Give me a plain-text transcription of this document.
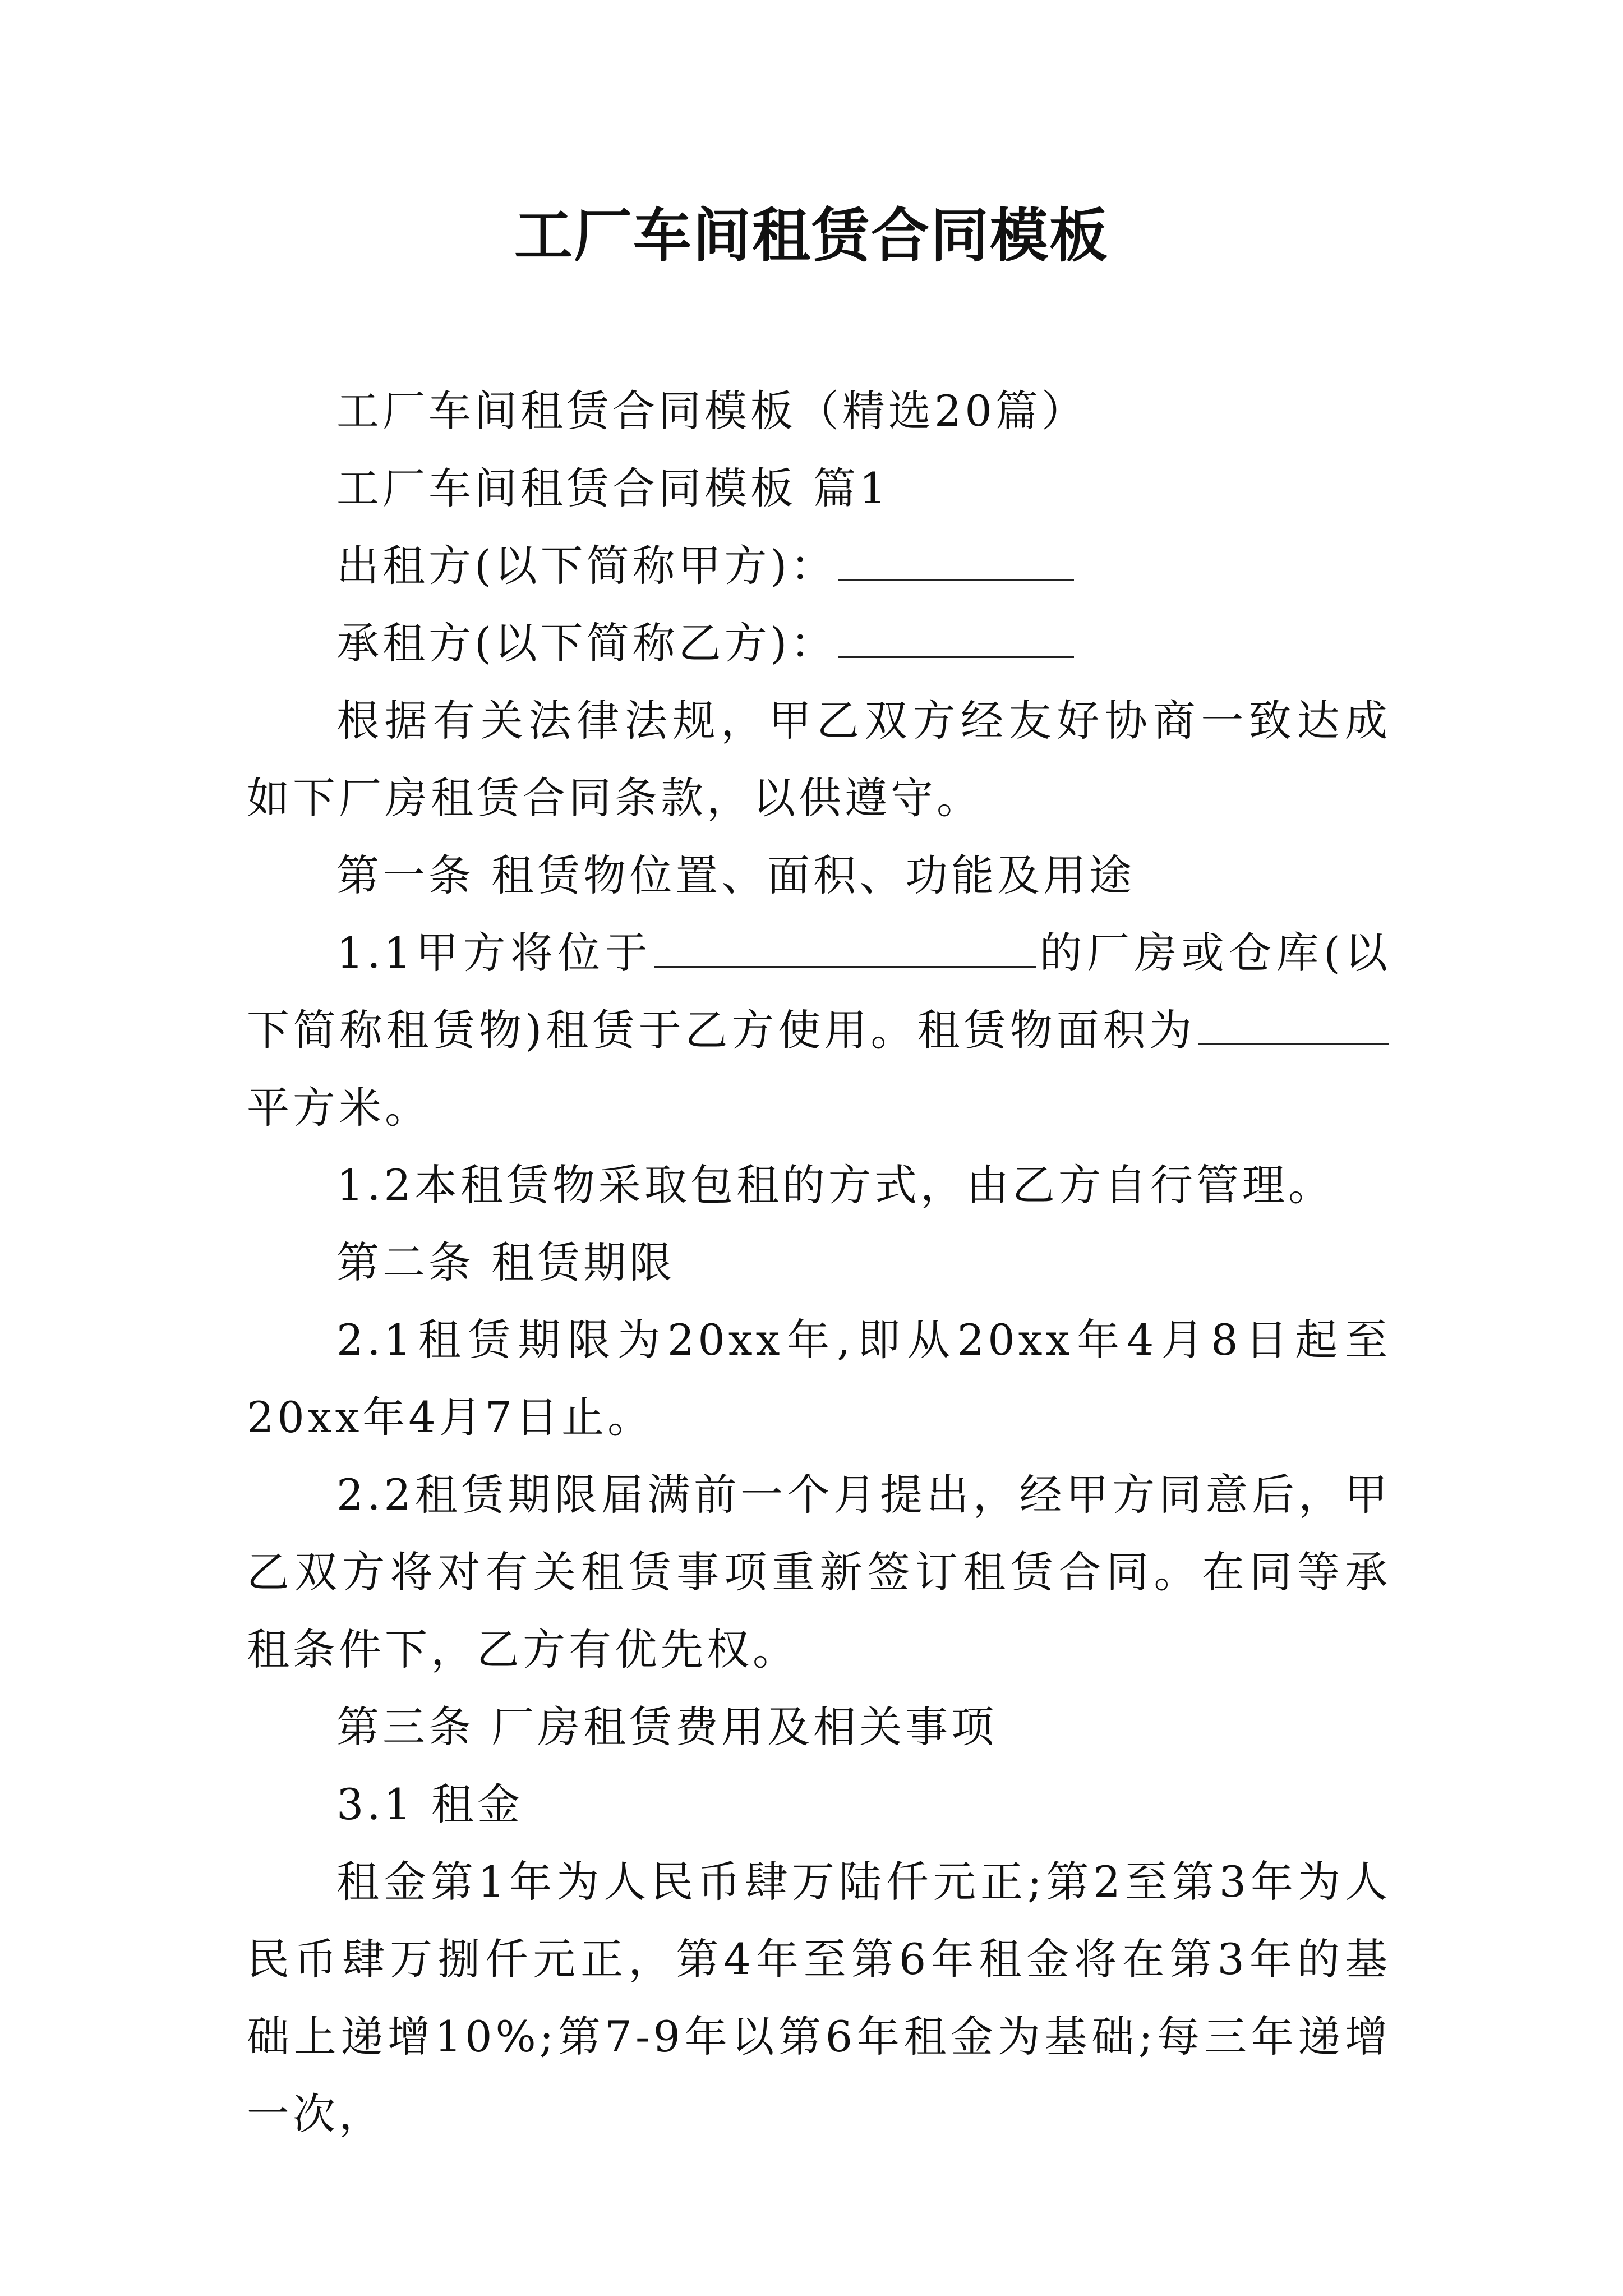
工厂车间租赁合同模板

工厂车间租赁合同模板（精选20篇）

工厂车间租赁合同模板 篇1

出租方(以下简称甲方)：

承租方(以下简称乙方)：

根据有关法律法规，甲乙双方经友好协商一致达成如下厂房租赁合同条款，以供遵守。

第一条 租赁物位置、面积、功能及用途

1.1甲方将位于	的厂房或仓库(以下简称租赁物)租赁于乙方使用。租赁物面积为平方米。

1.2本租赁物采取包租的方式，由乙方自行管理。

第二条 租赁期限

2.1租赁期限为20xx年,即从20xx年4月8日起至20xx年4月7日止。

2.2租赁期限届满前一个月提出，经甲方同意后，甲乙双方将对有关租赁事项重新签订租赁合同。在同等承租条件下，乙方有优先权。

第三条 厂房租赁费用及相关事项

3.1 租金

租金第1年为人民币肆万陆仟元正;第2至第3年为人民币肆万捌仟元正，第4年至第6年租金将在第3年的基础上递增10%;第7-9年以第6年租金为基础;每三年递增一次，
